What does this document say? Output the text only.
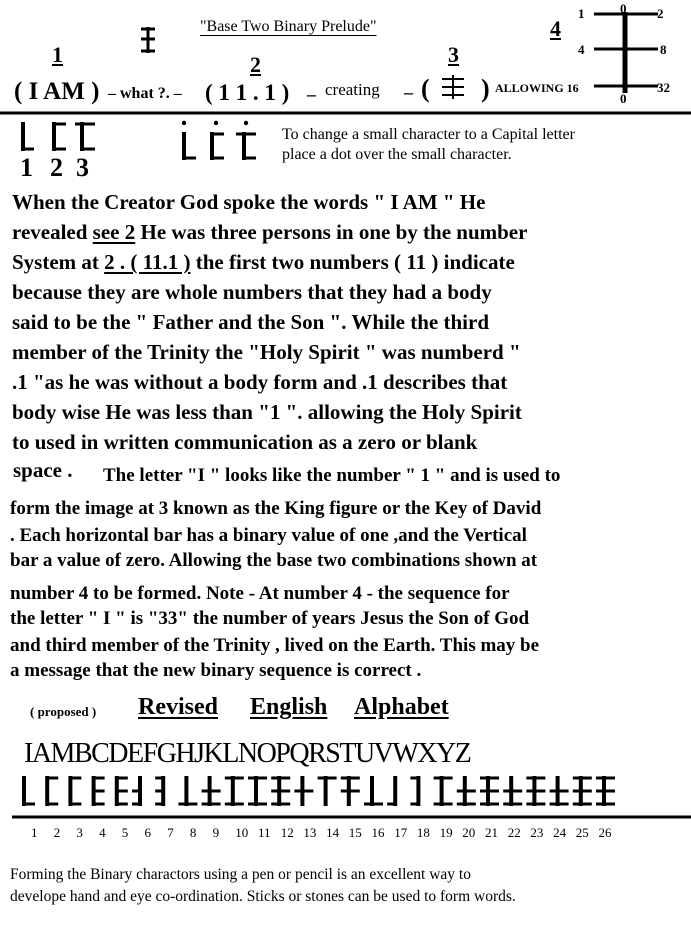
"Base Two Binary Prelude"
1
( I AM ) – what ?. –
2
( 1 1 . 1 ) – creating – (
3
) ALLOWING 16
4
1	0 2
4	8
32
0
1 2 3
To change a small character to a Capital letter
place a dot over the small character.
When the Creator God spoke the words " I AM " He
revealed see 2 He was three persons in one by the number
System at 2 . ( 11.1 ) the first two numbers ( 11 ) indicate
because they are whole numbers that they had a body
said to be the " Father and the Son ". While the third
member of the Trinity the "Holy Spirit " was numberd "
.1 "as he was without a body form and .1 describes that
body wise He was less than "1 ". allowing the Holy Spirit
to used in written communication as a zero or blank
space . The letter "I " looks like the number " 1 " and is used to
form the image at 3 known as the King figure or the Key of David
. Each horizontal bar has a binary value of one ,and the Vertical
bar a value of zero. Allowing the base two combinations shown at
number 4 to be formed. Note - At number 4 - the sequence for
the letter " I " is "33" the number of years Jesus the Son of God
and third member of the Trinity , lived on the Earth. This may be
a message that the new binary sequence is correct .
( proposed ) Revised English Alphabet
IAMBCDEFGHJKLNOPQRSTUVWXYZ
1 2 3 4 5 6 7 8 9 10 11 12 13 14 15 16 17 18 19 20 21 22 23 24 25 26
Forming the Binary charactors using a pen or pencil is an excellent way to
develope hand and eye co-ordination. Sticks or stones can be used to form words.
